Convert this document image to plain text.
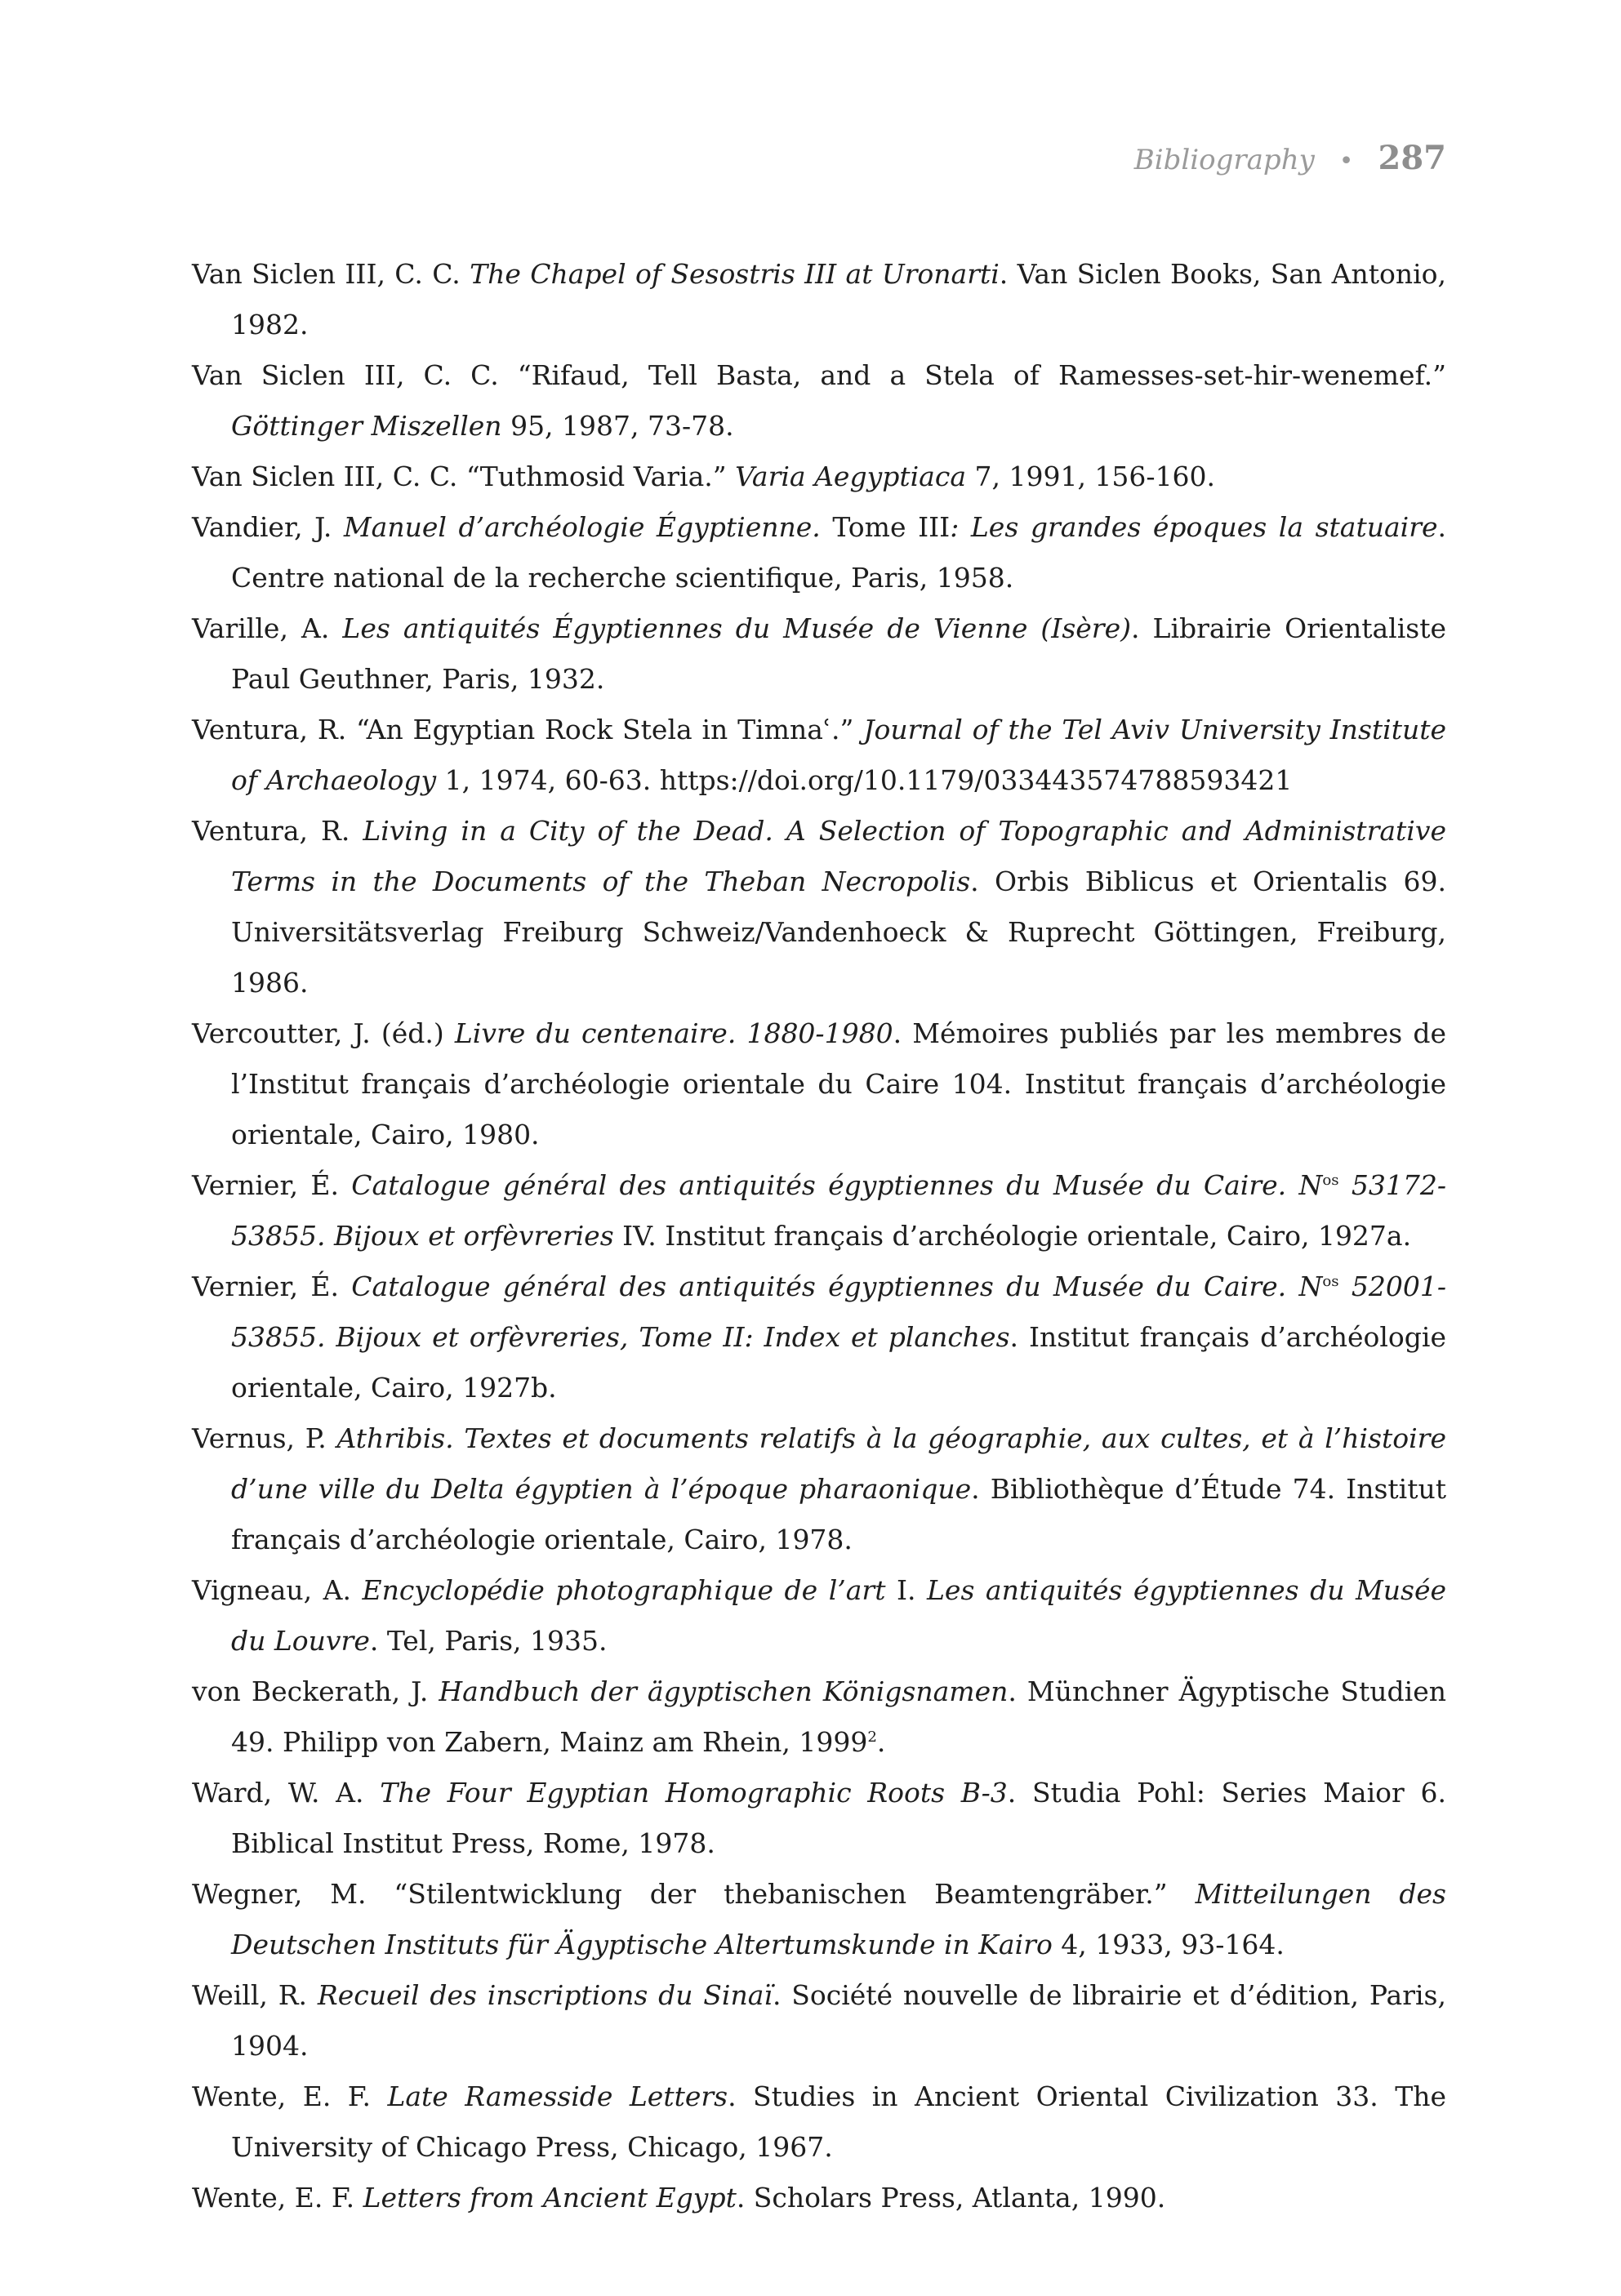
Bibliography • 287
Van Siclen III, C. C. The Chapel of Sesostris III at Uronarti. Van Siclen Books, San Antonio, 1982.
Van Siclen III, C. C. “Rifaud, Tell Basta, and a Stela of Ramesses-set-hir-wenemef.” Göttinger Miszellen 95, 1987, 73-78.
Van Siclen III, C. C. “Tuthmosid Varia.” Varia Aegyptiaca 7, 1991, 156-160.
Vandier, J. Manuel d’archéologie Égyptienne. Tome III: Les grandes époques la statuaire. Centre national de la recherche scientifique, Paris, 1958.
Varille, A. Les antiquités Égyptiennes du Musée de Vienne (Isère). Librairie Orientaliste Paul Geuthner, Paris, 1932.
Ventura, R. “An Egyptian Rock Stela in Timnaʿ.” Journal of the Tel Aviv University Institute of Archaeology 1, 1974, 60-63. https://doi.org/10.1179/033443574788593421
Ventura, R. Living in a City of the Dead. A Selection of Topographic and Administrative Terms in the Documents of the Theban Necropolis. Orbis Biblicus et Orientalis 69. Universitätsverlag Freiburg Schweiz/Vandenhoeck & Ruprecht Göttingen, Freiburg, 1986.
Vercoutter, J. (éd.) Livre du centenaire. 1880-1980. Mémoires publiés par les membres de l’Institut français d’archéologie orientale du Caire 104. Institut français d’archéologie orientale, Cairo, 1980.
Vernier, É. Catalogue général des antiquités égyptiennes du Musée du Caire. $N^{os}$ 53172-53855. Bijoux et orfèvreries IV. Institut français d’archéologie orientale, Cairo, 1927a.
Vernier, É. Catalogue général des antiquités égyptiennes du Musée du Caire. $N^{os}$ 52001-53855. Bijoux et orfèvreries, Tome II: Index et planches. Institut français d’archéologie orientale, Cairo, 1927b.
Vernus, P. Athribis. Textes et documents relatifs à la géographie, aux cultes, et à l’histoire d’une ville du Delta égyptien à l’époque pharaonique. Bibliothèque d’Étude 74. Institut français d’archéologie orientale, Cairo, 1978.
Vigneau, A. Encyclopédie photographique de l’art I. Les antiquités égyptiennes du Musée du Louvre. Tel, Paris, 1935.
von Beckerath, J. Handbuch der ägyptischen Königsnamen. Münchner Ägyptische Studien 49. Philipp von Zabern, Mainz am Rhein, 1999$^2$.
Ward, W. A. The Four Egyptian Homographic Roots B-3. Studia Pohl: Series Maior 6. Biblical Institut Press, Rome, 1978.
Wegner, M. “Stilentwicklung der thebanischen Beamtengräber.” Mitteilungen des Deutschen Instituts für Ägyptische Altertumskunde in Kairo 4, 1933, 93-164.
Weill, R. Recueil des inscriptions du Sinaï. Société nouvelle de librairie et d’édition, Paris, 1904.
Wente, E. F. Late Ramesside Letters. Studies in Ancient Oriental Civilization 33. The University of Chicago Press, Chicago, 1967.
Wente, E. F. Letters from Ancient Egypt. Scholars Press, Atlanta, 1990.
